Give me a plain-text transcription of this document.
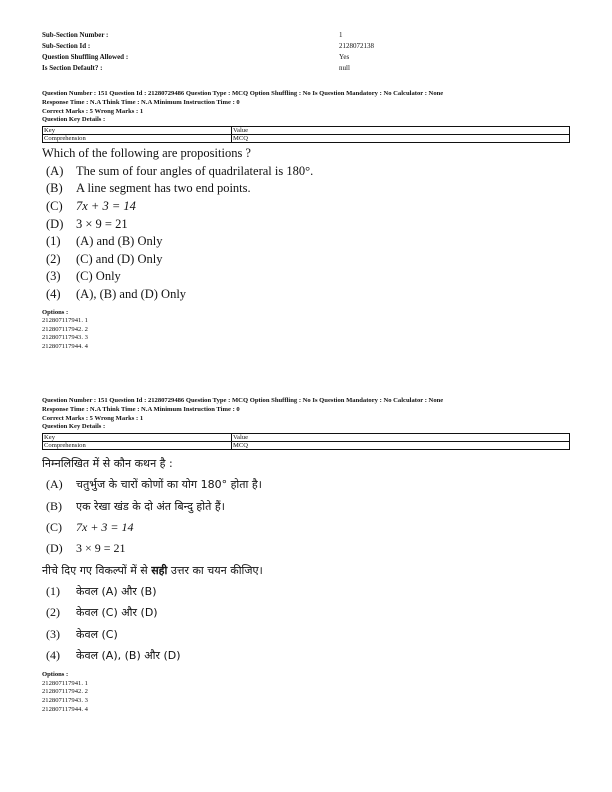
Sub-Section Number :	1
Sub-Section Id :	2128072138
Question Shuffling Allowed :	Yes
Is Section Default? :	null
Question Number : 151 Question Id : 21280729486 Question Type : MCQ Option Shuffling : No Is Question Mandatory : No Calculator : None
Response Time : N.A Think Time : N.A Minimum Instruction Time : 0
Correct Marks : 5 Wrong Marks : 1
Question Key Details :
Key	Value
Comprehension	MCQ
Which of the following are propositions ?
(A) The sum of four angles of quadrilateral is 180°.
(B) A line segment has two end points.
(C) 7x + 3 = 14
(D) 3 × 9 = 21
(1) (A) and (B) Only
(2) (C) and (D) Only
(3) (C) Only
(4) (A), (B) and (D) Only
Options :
212807117941. 1
212807117942. 2
212807117943. 3
212807117944. 4
Question Number : 151 Question Id : 21280729486 Question Type : MCQ Option Shuffling : No Is Question Mandatory : No Calculator : None
Response Time : N.A Think Time : N.A Minimum Instruction Time : 0
Correct Marks : 5 Wrong Marks : 1
Question Key Details :
Key	Value
Comprehension	MCQ
निम्नलिखित में से कौन कथन है :
(A) चतुर्भुज के चारों कोणों का योग 180° होता है।
(B) एक रेखा खंड के दो अंत बिन्दु होते हैं।
(C) 7x + 3 = 14
(D) 3 × 9 = 21
नीचे दिए गए विकल्पों में से सही उत्तर का चयन कीजिए।
(1) केवल (A) और (B)
(2) केवल (C) और (D)
(3) केवल (C)
(4) केवल (A), (B) और (D)
Options :
212807117941. 1
212807117942. 2
212807117943. 3
212807117944. 4
